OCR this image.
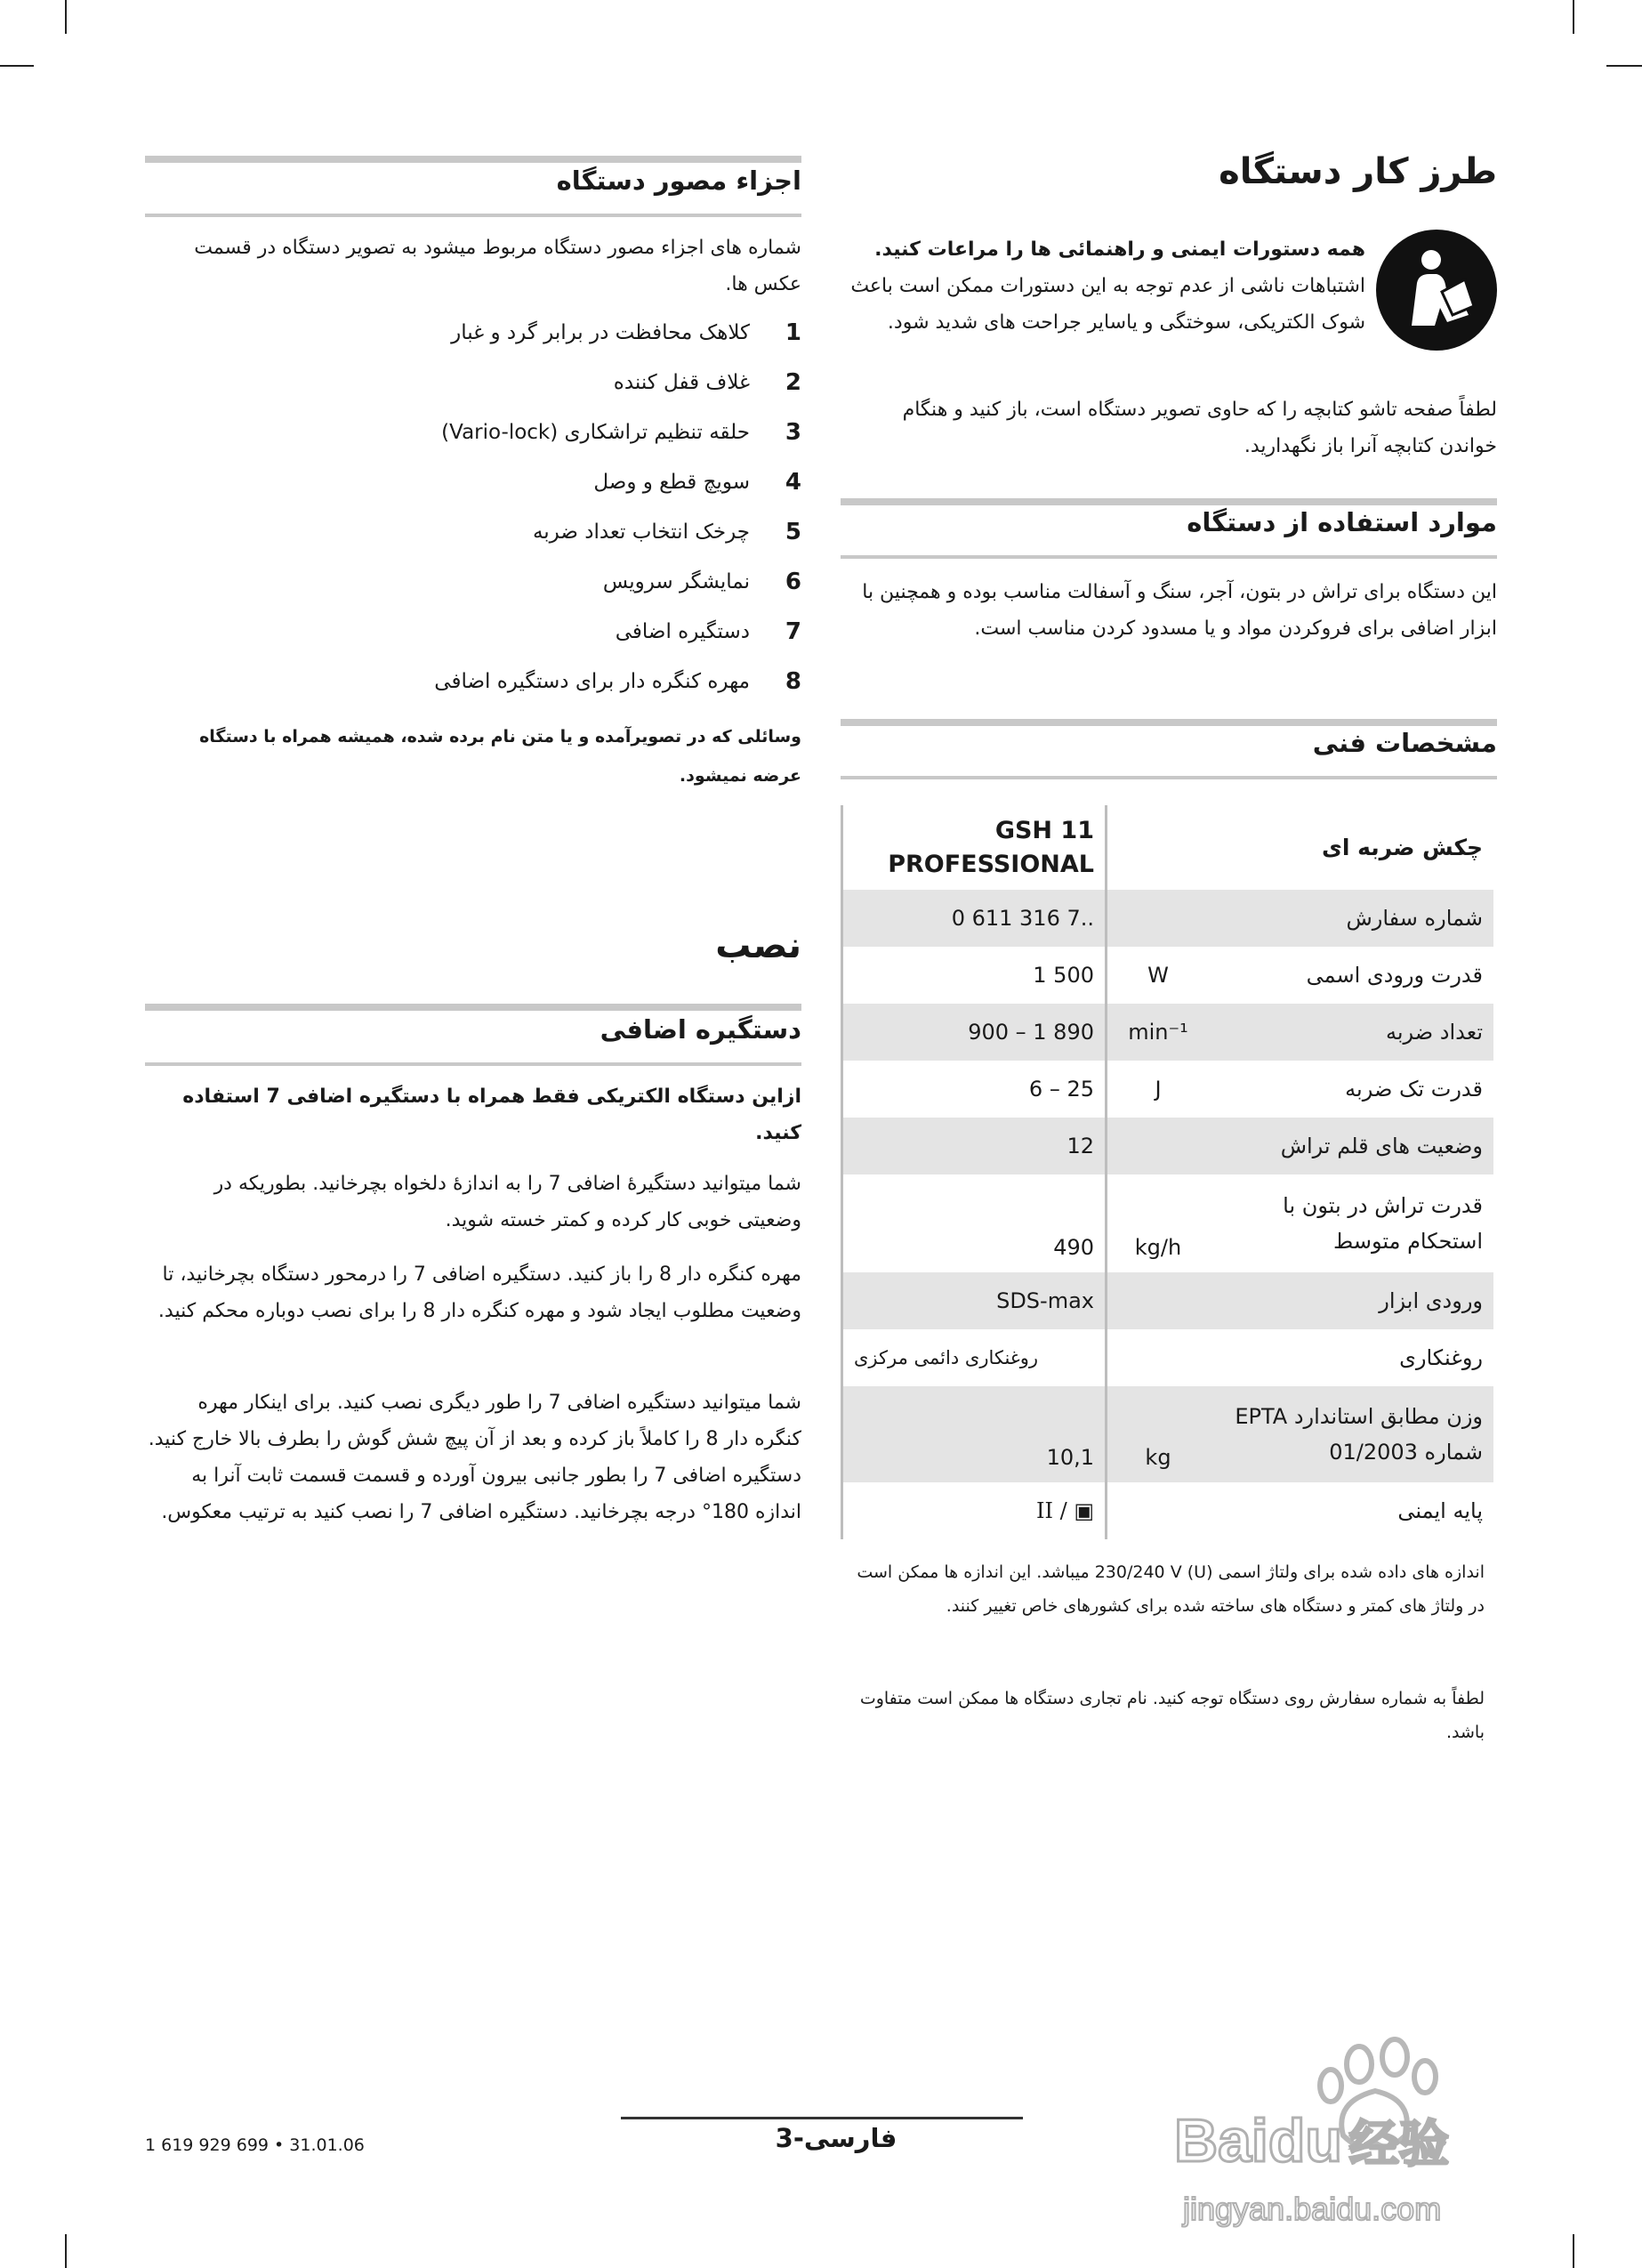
طرز کار دستگاه
همه دستورات ایمنی و راهنمائی ها را مراعات کنید. اشتباهات ناشی از عدم توجه به این دستورات ممکن است باعث شوک الکتریکی، سوختگی و یاسایر جراحت های شدید شود.
لطفاً صفحه تاشو کتابچه را که حاوی تصویر دستگاه است، باز کنید و هنگام خواندن کتابچه آنرا باز نگهدارید.
موارد استفاده از دستگاه
این دستگاه برای تراش در بتون، آجر، سنگ و آسفالت مناسب بوده و همچنین با ابزار اضافی برای فروکردن مواد و یا مسدود کردن مناسب است.
مشخصات فنی
چکش ضربه ای		GSH 11
PROFESSIONAL

شماره سفارش		0 611 316 7..
قدرت ورودی اسمی	W	1 500
تعداد ضربه	min⁻¹	900 – 1 890
قدرت تک ضربه	J	6 – 25
وضعیت های قلم تراش		12
قدرت تراش در بتون با استحکام متوسط	kg/h	490
ورودی ابزار		SDS-max
روغنکاری		روغنکاری دائمی مرکزی
وزن مطابق استاندارد EPTA شماره 01/2003	kg	10,1
پایه ایمنی		II / ▣
اندازه های داده شده برای ولتاژ اسمی (U) 230/240 V میباشد. این اندازه ها ممکن است در ولتاژ های کمتر و دستگاه های ساخته شده برای کشورهای خاص تغییر کنند.
لطفاً به شماره سفارش روی دستگاه توجه کنید. نام تجاری دستگاه ها ممکن است متفاوت باشد.
اجزاء مصور دستگاه
شماره های اجزاء مصور دستگاه مربوط میشود به تصویر دستگاه در قسمت عکس ها.
1
کلاهک محافظت در برابر گرد و غبار
2
غلاف قفل کننده
3
حلقه تنظیم تراشکاری (Vario-lock)
4
سویچ قطع و وصل
5
چرخک انتخاب تعداد ضربه
6
نمایشگر سرویس
7
دستگیره اضافی
8
مهره کنگره دار برای دستگیره اضافی
وسائلی که در تصویرآمده و یا متن نام برده شده، همیشه همراه با دستگاه عرضه نمیشود.
نصب
دستگیره اضافی
ازاین دستگاه الکتریکی فقط همراه با دستگیره اضافی 7 استفاده کنید.
شما میتوانید دستگیرهٔ اضافی 7 را به اندازهٔ دلخواه بچرخانید. بطوریکه در وضعیتی خوبی کار کرده و کمتر خسته شوید.
مهره کنگره دار 8 را باز کنید. دستگیره اضافی 7 را درمحور دستگاه بچرخانید، تا وضعیت مطلوب ایجاد شود و مهره کنگره دار 8 را برای نصب دوباره محکم کنید.
شما میتوانید دستگیره اضافی 7 را طور دیگری نصب کنید. برای اینکار مهره کنگره دار 8 را کاملاً باز کرده و بعد از آن پیچ شش گوش را بطرف بالا خارج کنید. دستگیره اضافی 7 را بطور جانبی بیرون آورده و قسمت قسمت ثابت آنرا به اندازه 180° درجه بچرخانید. دستگیره اضافی 7 را نصب کنید به ترتیب معکوس.
فارسی-3
1 619 929 699 • 31.01.06	Baidu 经验
jingyan.baidu.com
